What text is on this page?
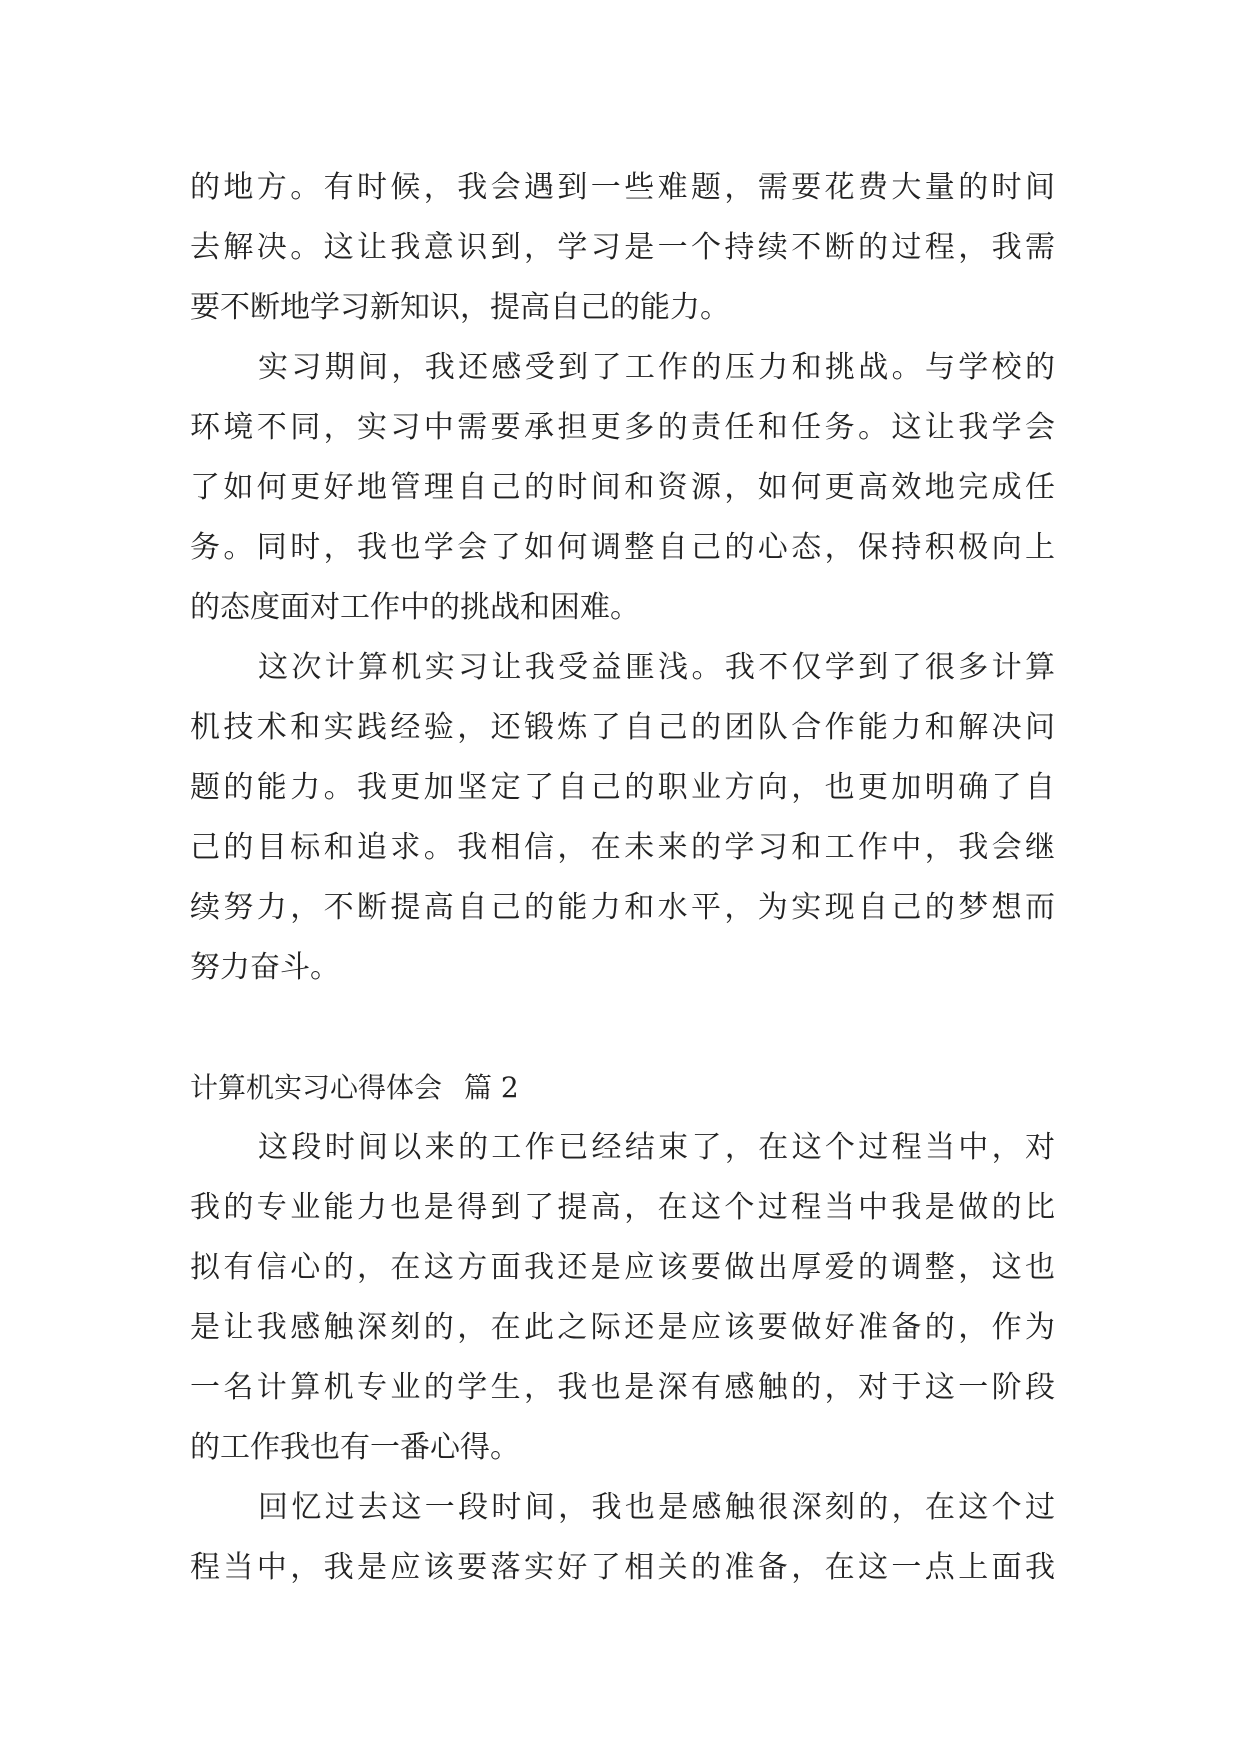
的地方。有时候，我会遇到一些难题，需要花费大量的时间
去解决。这让我意识到，学习是一个持续不断的过程，我需
要不断地学习新知识，提高自己的能力。
实习期间，我还感受到了工作的压力和挑战。与学校的
环境不同，实习中需要承担更多的责任和任务。这让我学会
了如何更好地管理自己的时间和资源，如何更高效地完成任
务。同时，我也学会了如何调整自己的心态，保持积极向上
的态度面对工作中的挑战和困难。
这次计算机实习让我受益匪浅。我不仅学到了很多计算
机技术和实践经验，还锻炼了自己的团队合作能力和解决问
题的能力。我更加坚定了自己的职业方向，也更加明确了自
己的目标和追求。我相信，在未来的学习和工作中，我会继
续努力，不断提高自己的能力和水平，为实现自己的梦想而
努力奋斗。
计算机实习心得体会 篇 2
这段时间以来的工作已经结束了，在这个过程当中，对
我的专业能力也是得到了提高，在这个过程当中我是做的比
拟有信心的，在这方面我还是应该要做出厚爱的调整，这也
是让我感触深刻的，在此之际还是应该要做好准备的，作为
一名计算机专业的学生，我也是深有感触的，对于这一阶段
的工作我也有一番心得。
回忆过去这一段时间，我也是感触很深刻的，在这个过
程当中，我是应该要落实好了相关的准备，在这一点上面我
